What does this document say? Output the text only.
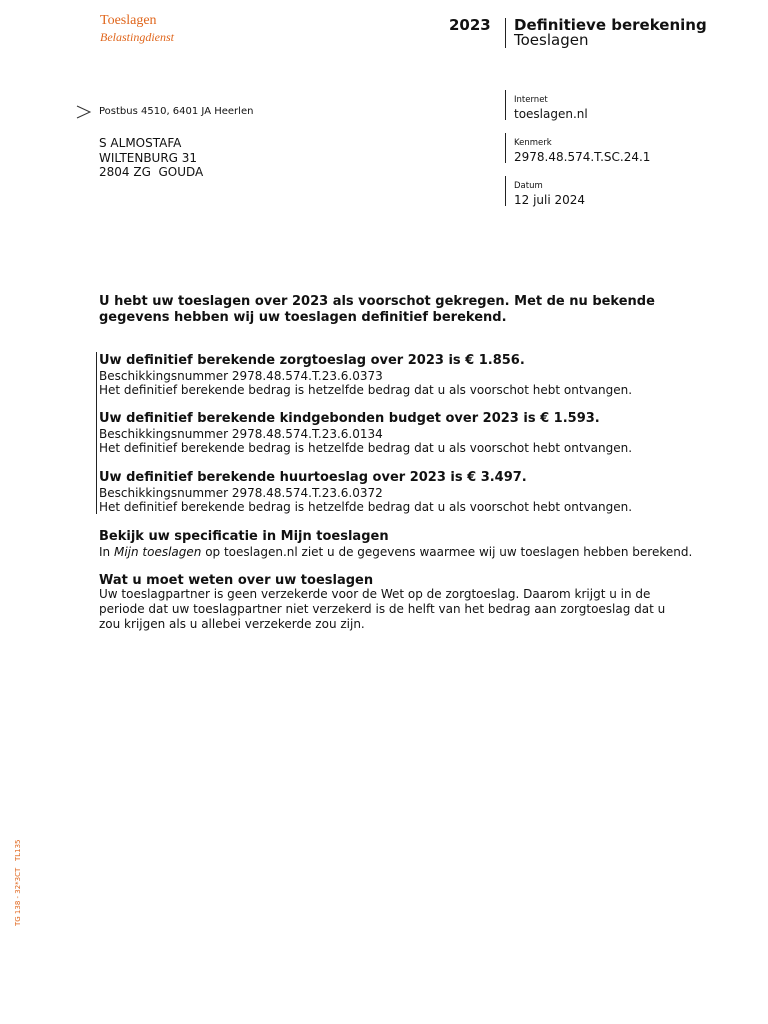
Toeslagen
Belastingdienst
2023 Definitieve berekening
Toeslagen
Postbus 4510, 6401 JA Heerlen
S ALMOSTAFA
WILTENBURG 31
2804 ZG  GOUDA
Internet
toeslagen.nl
Kenmerk
2978.48.574.T.SC.24.1
Datum
12 juli 2024
U hebt uw toeslagen over 2023 als voorschot gekregen. Met de nu bekende gegevens hebben wij uw toeslagen definitief berekend.
Uw definitief berekende zorgtoeslag over 2023 is € 1.856.
Beschikkingsnummer 2978.48.574.T.23.6.0373
Het definitief berekende bedrag is hetzelfde bedrag dat u als voorschot hebt ontvangen.
Uw definitief berekende kindgebonden budget over 2023 is € 1.593.
Beschikkingsnummer 2978.48.574.T.23.6.0134
Het definitief berekende bedrag is hetzelfde bedrag dat u als voorschot hebt ontvangen.
Uw definitief berekende huurtoeslag over 2023 is € 3.497.
Beschikkingsnummer 2978.48.574.T.23.6.0372
Het definitief berekende bedrag is hetzelfde bedrag dat u als voorschot hebt ontvangen.
Bekijk uw specificatie in Mijn toeslagen
In Mijn toeslagen op toeslagen.nl ziet u de gegevens waarmee wij uw toeslagen hebben berekend.
Wat u moet weten over uw toeslagen
Uw toeslagpartner is geen verzekerde voor de Wet op de zorgtoeslag. Daarom krijgt u in de periode dat uw toeslagpartner niet verzekerd is de helft van het bedrag aan zorgtoeslag dat u zou krijgen als u allebei verzekerde zou zijn.
TG 138 - 32*3CT   TL135
